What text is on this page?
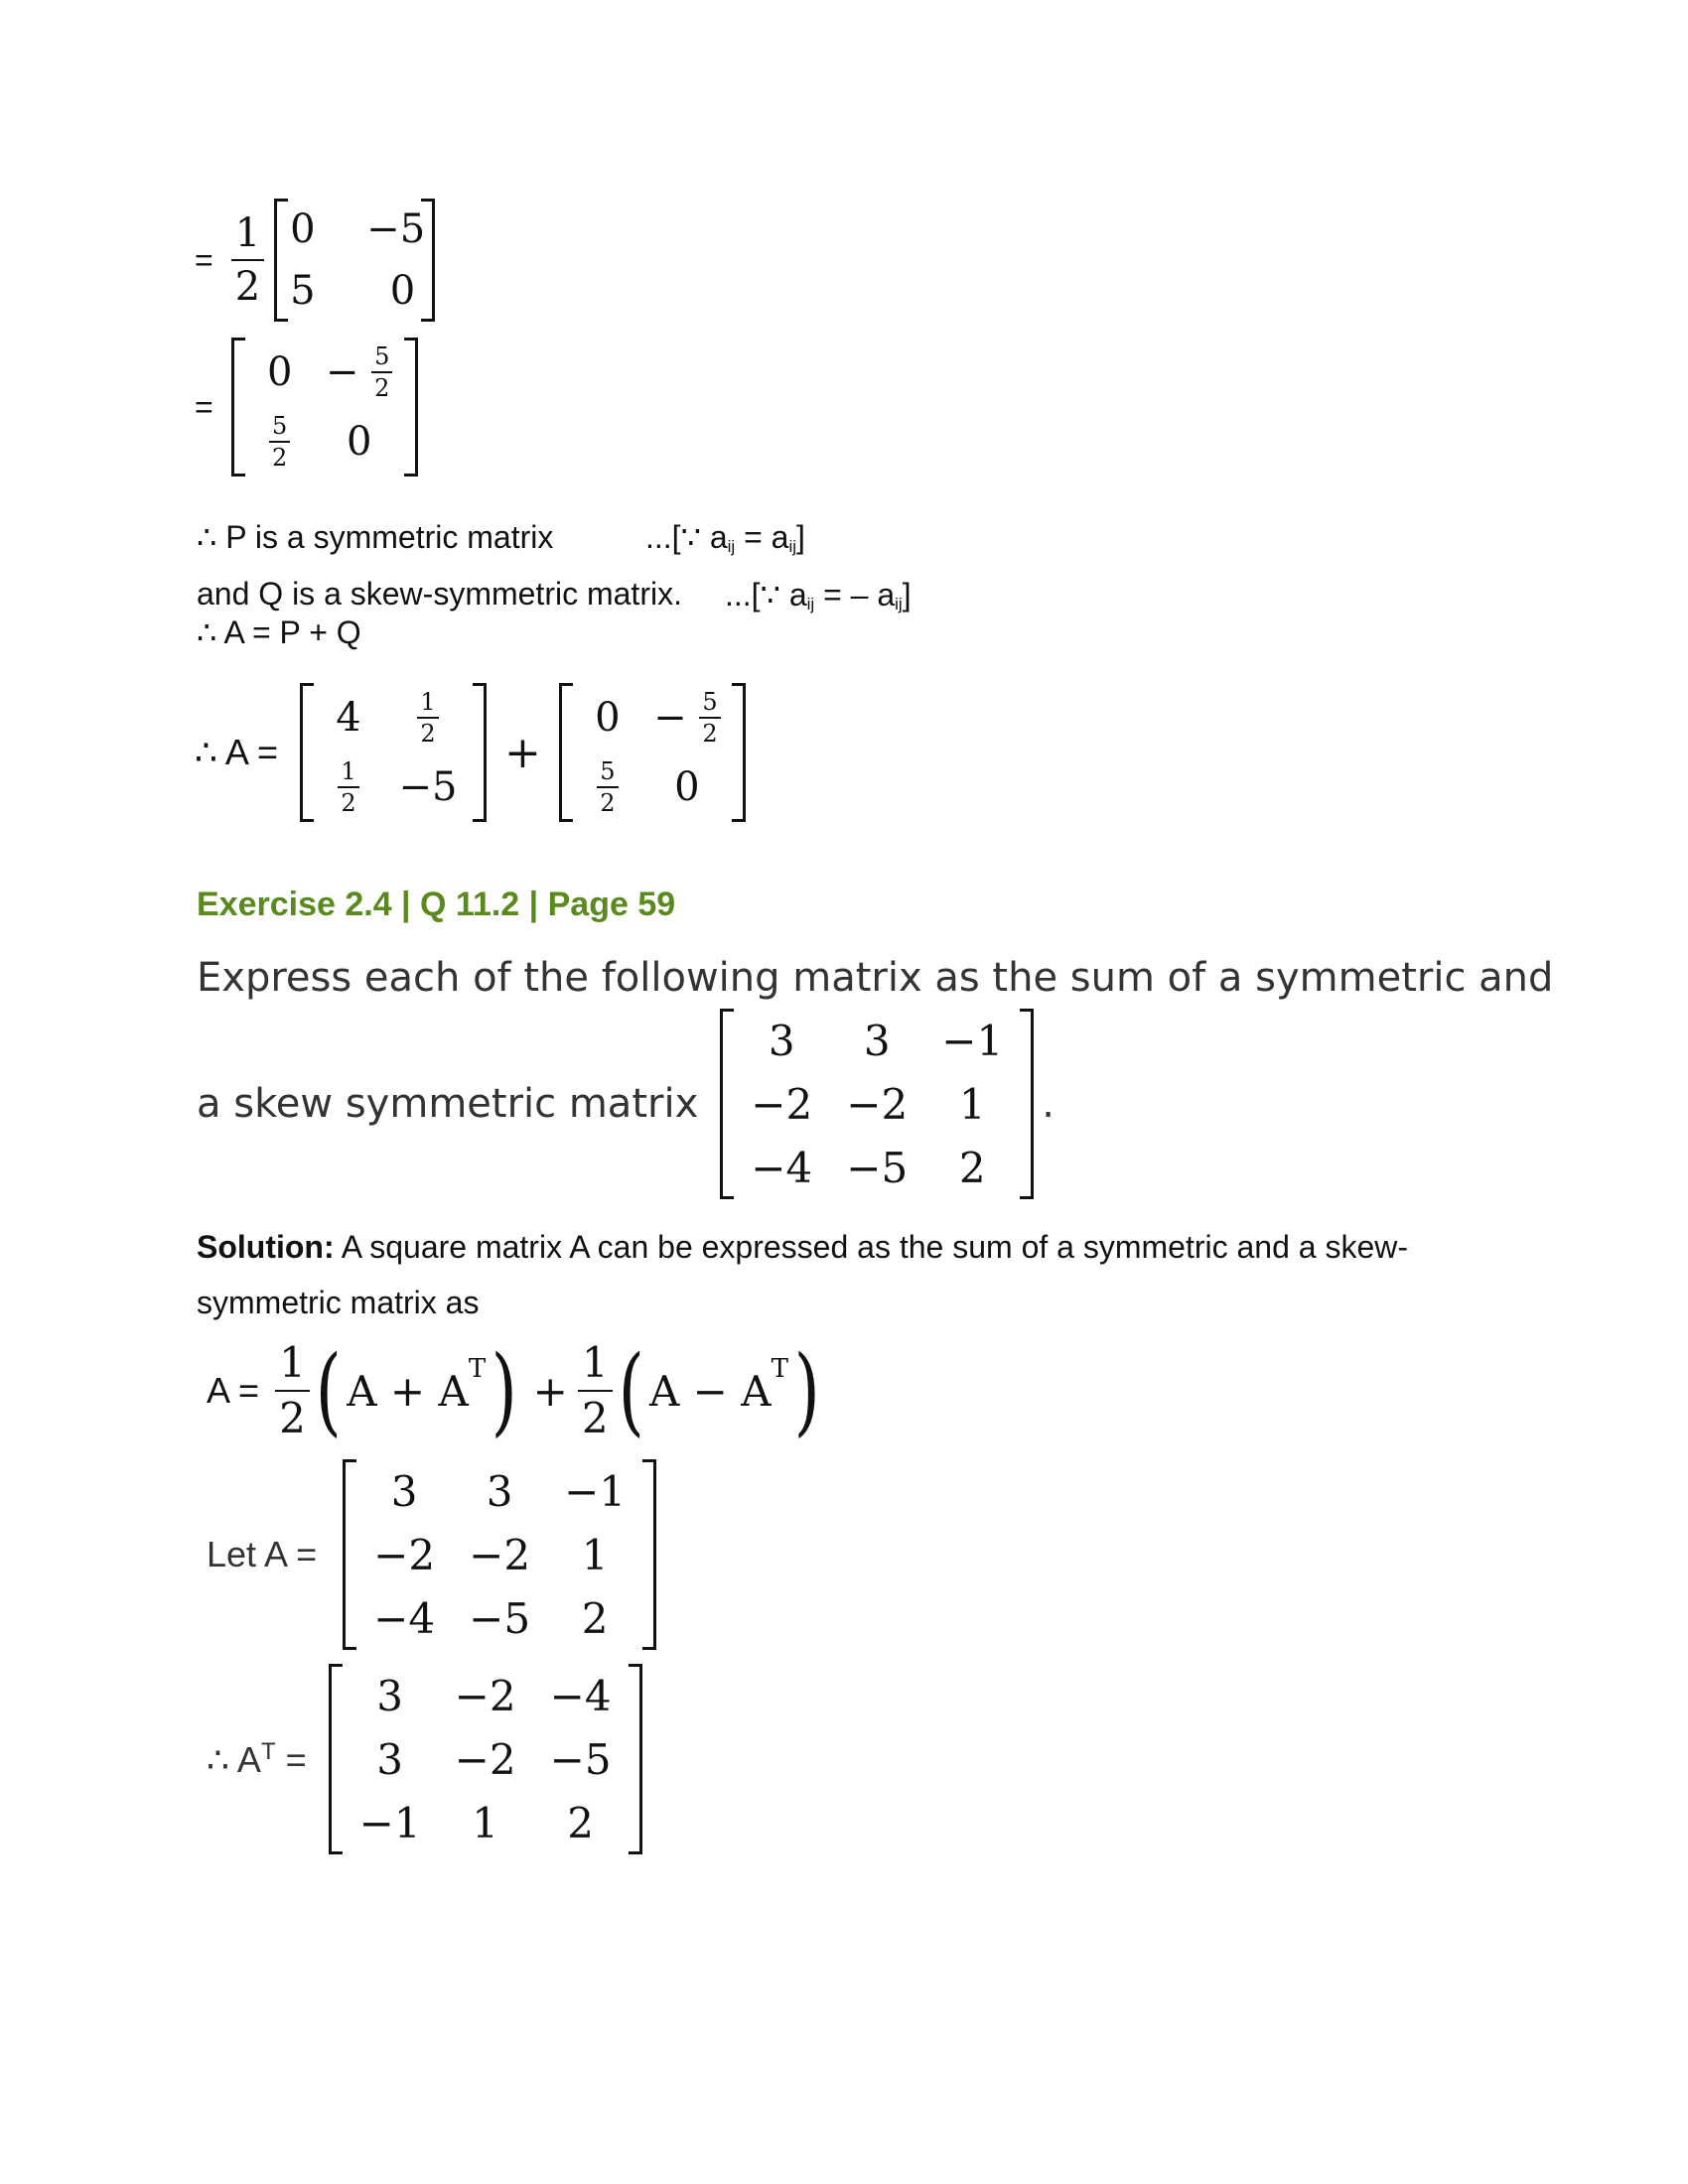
= $\frac{1}{2} 0$	−5
5	0
=
0	− $\frac{5}{2}$

$\frac{5}{2}$	0
∴ P is a symmetric matrix	...[∵ aij = aij]
and Q is a skew-symmetric matrix. ...[∵ aij = – aij]
∴ A = P + Q
∴ A =
4	$\frac{1}{2}$

$\frac{1}{2}$	−5
+
0	− $\frac{5}{2}$

$\frac{5}{2}$	0
Exercise 2.4 | Q 11.2 | Page 59
Express each of the following matrix as the sum of a symmetric and
a skew symmetric matrix
3	3	−1
−2	−2	1
−4	−5	2
.
Solution: A square matrix A can be expressed as the sum of a symmetric and a skew-
symmetric matrix as
$A = \frac{1}{2}$ ( $A + A^T$ ) + $\frac{1}{2}$ ( $A - A^T$ )
Let A =
3	3	−1
−2	−2	1
−4	−5	2
∴ $A^T$ =
3	−2	−4
3	−2	−5
−1	1	2
